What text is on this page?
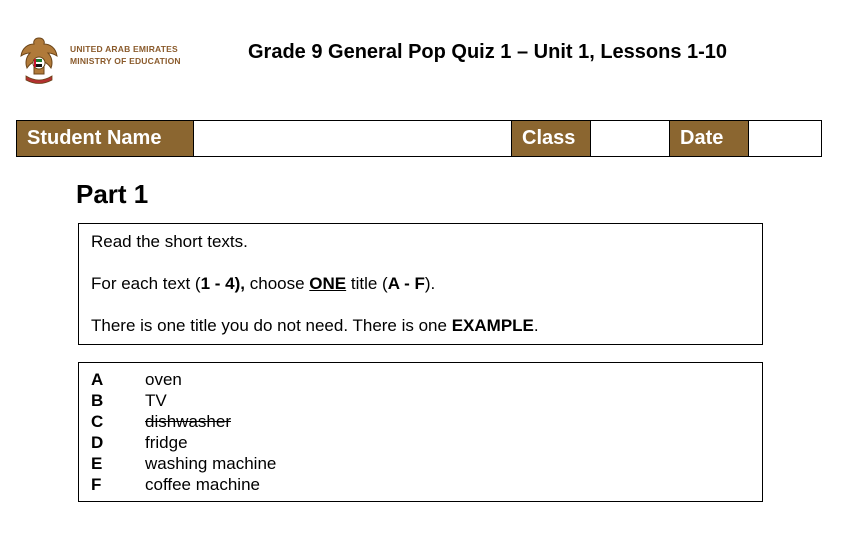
UNITED ARAB EMIRATES
MINISTRY OF EDUCATION	Grade 9 General Pop Quiz 1 – Unit 1, Lessons 1-10
Student Name	Class	Date
Part 1

Read the short texts.

For each text (1 - 4), choose ONE title (A - F).

There is one title you do not need. There is one EXAMPLE.

A oven
B TV
C dishwasher
D fridge
E	washing machine
F	coffee machine
